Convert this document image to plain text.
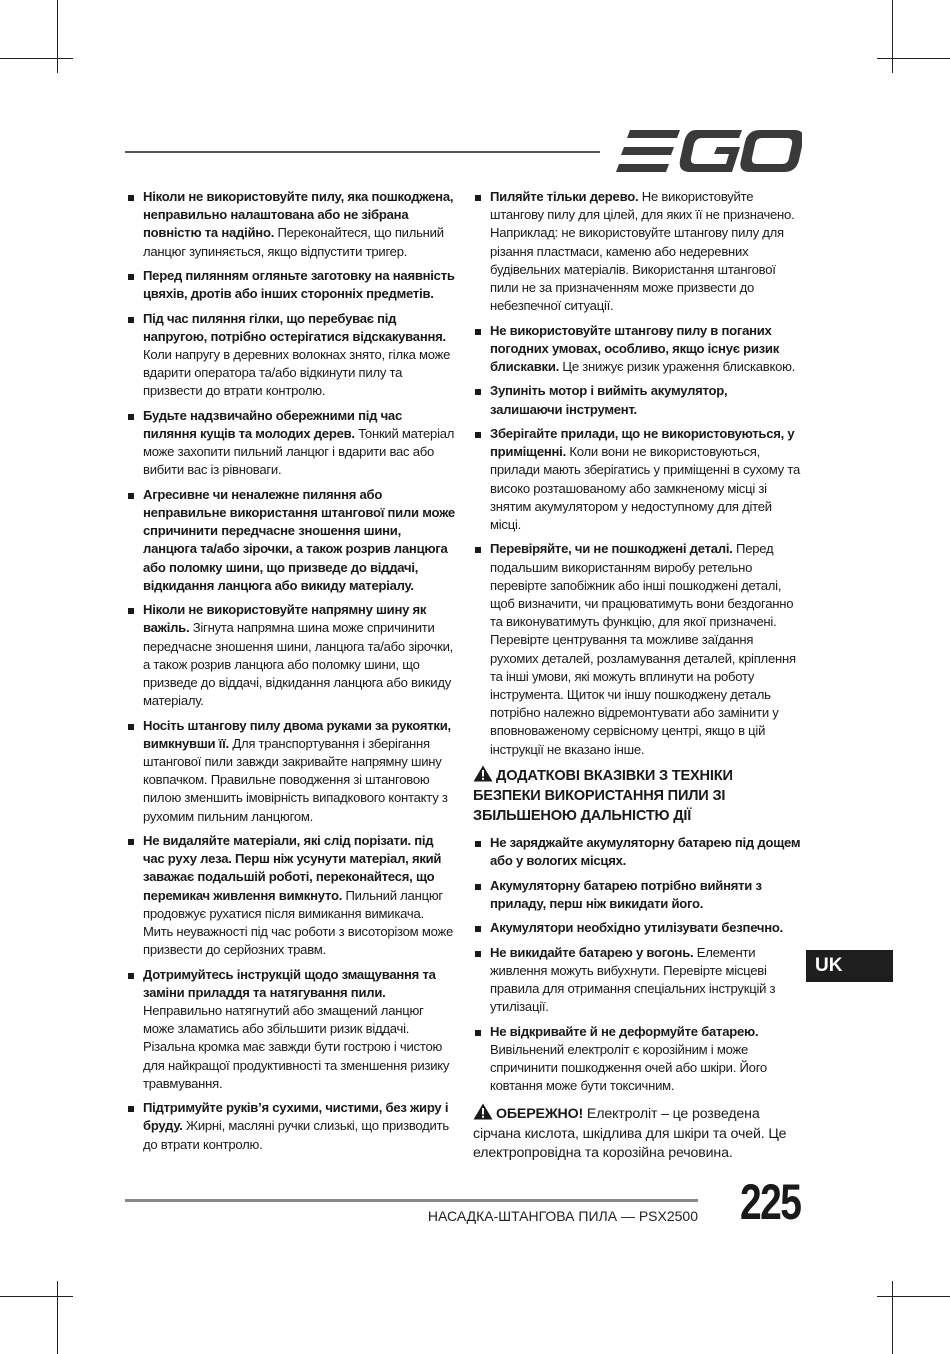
Ніколи не використовуйте пилу, яка пошкоджена, неправильно налаштована або не зібрана повністю та надійно. Переконайтеся, що пильний ланцюг зупиняється, якщо відпустити тригер.
Перед пилянням огляньте заготовку на наявність цвяхів, дротів або інших сторонніх предметів.
Під час пиляння гілки, що перебуває під напругою, потрібно остерігатися відскакування. Коли напругу в деревних волокнах знято, гілка може вдарити оператора та/або відкинути пилу та призвести до втрати контролю.
Будьте надзвичайно обережними під час пиляння кущів та молодих дерев. Тонкий матеріал може захопити пильний ланцюг і вдарити вас або вибити вас із рівноваги.
Агресивне чи неналежне пиляння або неправильне використання штангової пили може спричинити передчасне зношення шини, ланцюга та/або зірочки, а також розрив ланцюга або поломку шини, що призведе до віддачі, відкидання ланцюга або викиду матеріалу.
Ніколи не використовуйте напрямну шину як важіль. Зігнута напрямна шина може спричинити передчасне зношення шини, ланцюга та/або зірочки, а також розрив ланцюга або поломку шини, що призведе до віддачі, відкидання ланцюга або викиду матеріалу.
Носіть штангову пилу двома руками за рукоятки, вимкнувши її. Для транспортування і зберігання штангової пили завжди закривайте напрямну шину ковпачком. Правильне поводження зі штанговою пилою зменшить імовірність випадкового контакту з рухомим пильним ланцюгом.
Не видаляйте матеріали, які слід порізати. під час руху леза. Перш ніж усунути матеріал, який заважає подальшій роботі, переконайтеся, що перемикач живлення вимкнуто. Пильний ланцюг продовжує рухатися після вимикання вимикача. Мить неуважності під час роботи з висоторізом може призвести до серйозних травм.
Дотримуйтесь інструкцій щодо змащування та заміни приладдя та натягування пили. Неправильно натягнутий або змащений ланцюг може зламатись або збільшити ризик віддачі. Різальна кромка має завжди бути гострою і чистою для найкращої продуктивності та зменшення ризику травмування.
Підтримуйте руків’я сухими, чистими, без жиру і бруду. Жирні, масляні ручки слизькі, що призводить до втрати контролю.
Пиляйте тільки дерево. Не використовуйте штангову пилу для цілей, для яких її не призначено. Наприклад: не використовуйте штангову пилу для різання пластмаси, каменю або недеревних будівельних матеріалів. Використання штангової пили не за призначенням може призвести до небезпечної ситуації.
Не використовуйте штангову пилу в поганих погодних умовах, особливо, якщо існує ризик блискавки. Це знижує ризик ураження блискавкою.
Зупиніть мотор і вийміть акумулятор, залишаючи інструмент.
Зберігайте прилади, що не використовуються, у приміщенні. Коли вони не використовуються, прилади мають зберігатись у приміщенні в сухому та високо розташованому або замкненому місці зі знятим акумулятором у недоступному для дітей місці.
Перевіряйте, чи не пошкоджені деталі. Перед подальшим використанням виробу ретельно перевірте запобіжник або інші пошкоджені деталі, щоб визначити, чи працюватимуть вони бездоганно та виконуватимуть функцію, для якої призначені. Перевірте центрування та можливе заїдання рухомих деталей, розламування деталей, кріплення та інші умови, які можуть вплинути на роботу інструмента. Щиток чи іншу пошкоджену деталь потрібно належно відремонтувати або замінити у вповноваженому сервісному центрі, якщо в цій інструкції не вказано інше.
ДОДАТКОВІ ВКАЗІВКИ З ТЕХНІКИ БЕЗПЕКИ ВИКОРИСТАННЯ ПИЛИ ЗІ ЗБІЛЬШЕНОЮ ДАЛЬНІСТЮ ДІЇ
Не заряджайте акумуляторну батарею під дощем або у вологих місцях.
Акумуляторну батарею потрібно вийняти з приладу, перш ніж викидати його.
Акумулятори необхідно утилізувати безпечно.
Не викидайте батарею у вогонь. Елементи живлення можуть вибухнути. Перевірте місцеві правила для отримання спеціальних інструкцій з утилізації.
Не відкривайте й не деформуйте батарею. Вивільнений електроліт є корозійним і може спричинити пошкодження очей або шкіри. Його ковтання може бути токсичним.
ОБЕРЕЖНО! Електроліт – це розведена сірчана кислота, шкідлива для шкіри та очей. Це електропровідна та корозійна речовина.
UK
НАСАДКА-ШТАНГОВА ПИЛА — PSX2500 225
